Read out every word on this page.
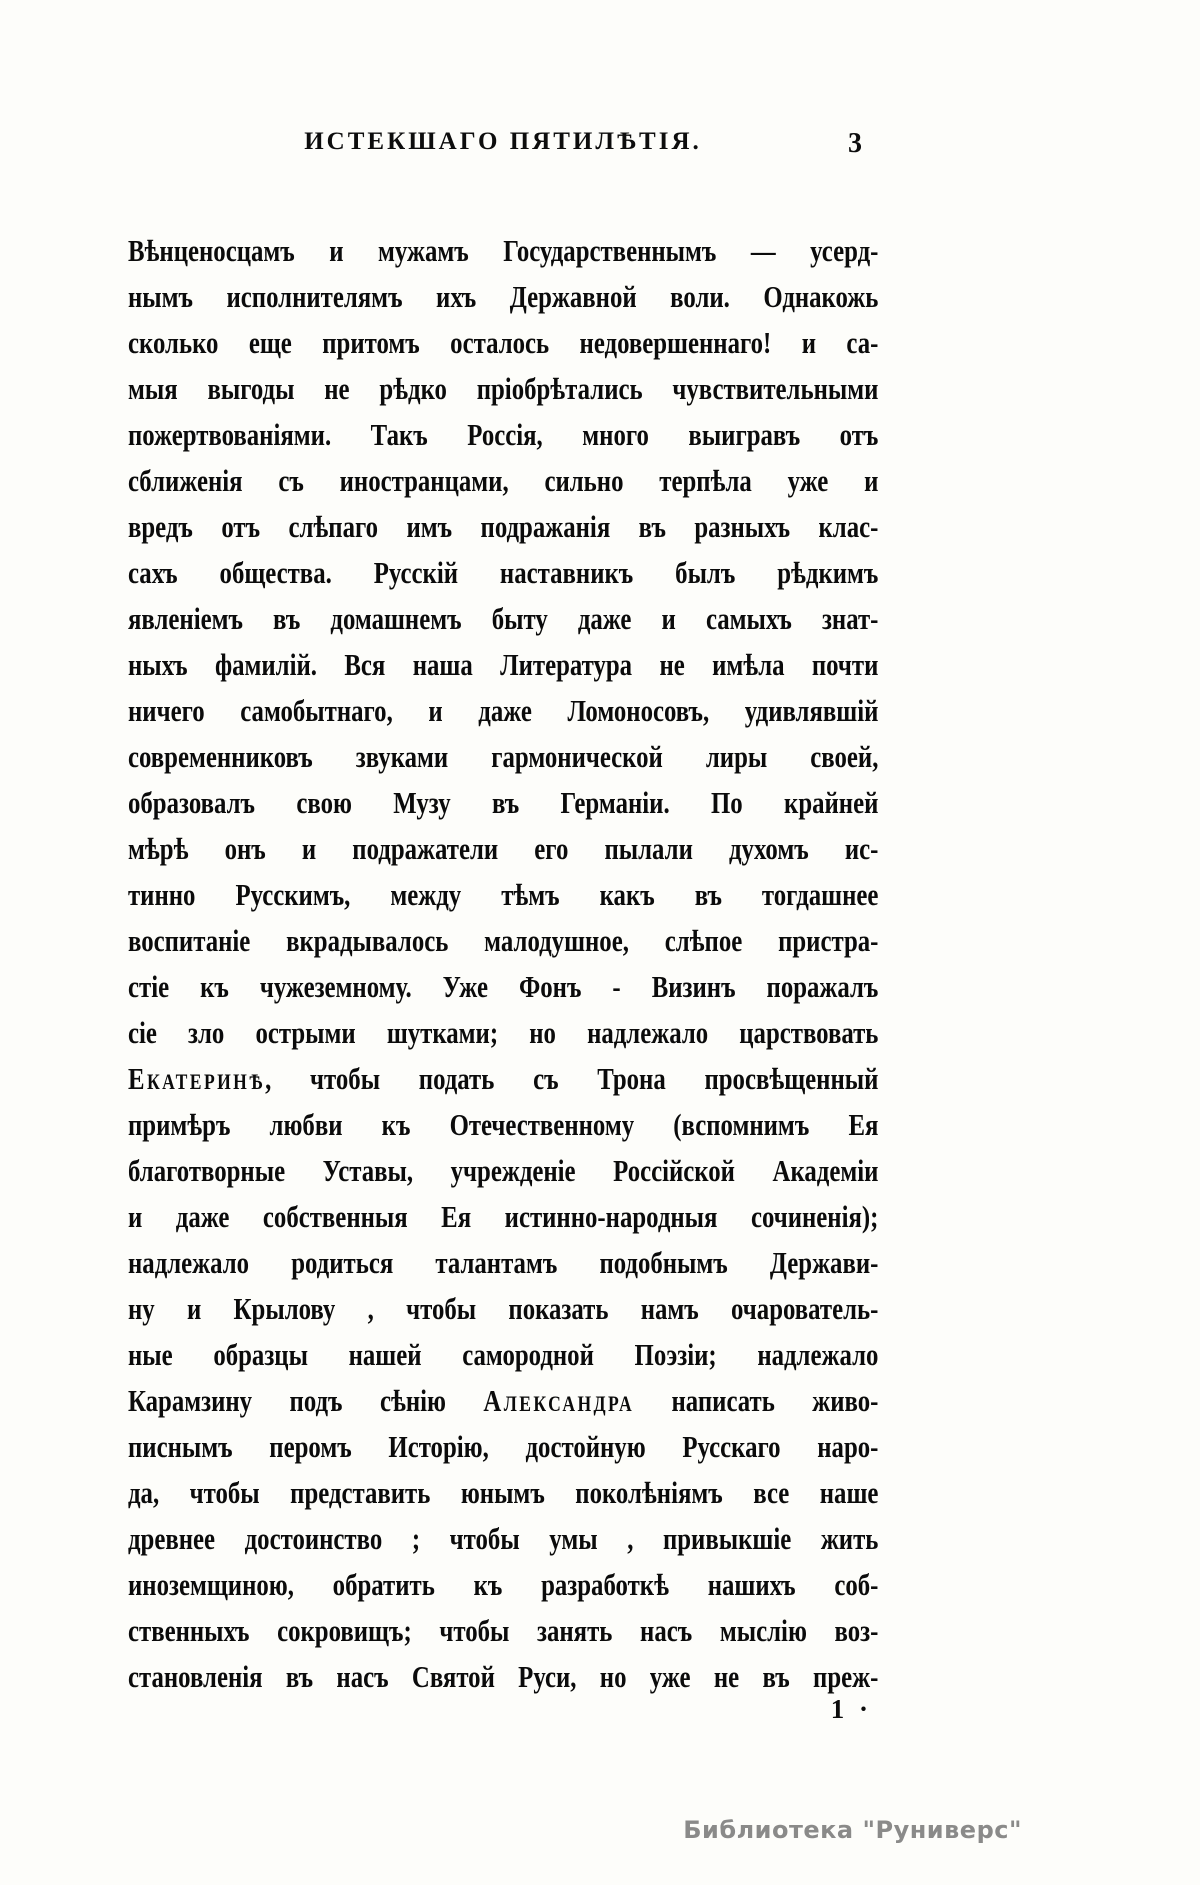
ИСТЕКШАГО ПЯТИЛѢТІЯ.	3
Вѣнценосцамъ и мужамъ Государственнымъ — усерд-
нымъ исполнителямъ ихъ Державной воли. Однакожь
сколько еще притомъ осталось недовершеннаго! и са-
мыя выгоды не рѣдко пріобрѣтались чувствительными
пожертвованіями. Такъ Россія, много выигравъ отъ
сближенія съ иностранцами, сильно терпѣла уже и
вредъ отъ слѣпаго имъ подражанія въ разныхъ клас-
сахъ общества. Русскій наставникъ былъ рѣдкимъ
явленіемъ въ домашнемъ быту даже и самыхъ знат-
ныхъ фамилій. Вся наша Литература не имѣла почти
ничего самобытнаго, и даже Ломоносовъ, удивлявшій
современниковъ звуками гармонической лиры своей,
образовалъ свою Музу въ Германіи. По крайней
мѣрѣ онъ и подражатели его пылали духомъ ис-
тинно Русскимъ, между тѣмъ какъ въ тогдашнее
воспитаніе вкрадывалось малодушное, слѣпое пристра-
стіе къ чужеземному. Уже Фонъ - Визинъ поражалъ
сіе зло острыми шутками; но надлежало царствовать
Екатеринѣ, чтобы подать съ Трона просвѣщенный
примѣръ любви къ Отечественному (вспомнимъ Ея
благотворные Уставы, учрежденіе Россійской Академіи
и даже собственныя Ея истинно-народныя сочиненія);
надлежало родиться талантамъ подобнымъ Держави-
ну и Крылову , чтобы показать намъ очарователь-
ные образцы нашей самородной Поэзіи; надлежало
Карамзину подъ сѣнію Александра написать живо-
писнымъ перомъ Исторію, достойную Русскаго наро-
да, чтобы представить юнымъ поколѣніямъ все наше
древнее достоинство ; чтобы умы , привыкшіе жить
иноземщиною, обратить къ разработкѣ нашихъ соб-
ственныхъ сокровищъ; чтобы занять насъ мыслію воз-
становленія въ насъ Святой Руси, но уже не въ преж-
1 ·
Библиотека "Руниверс"
